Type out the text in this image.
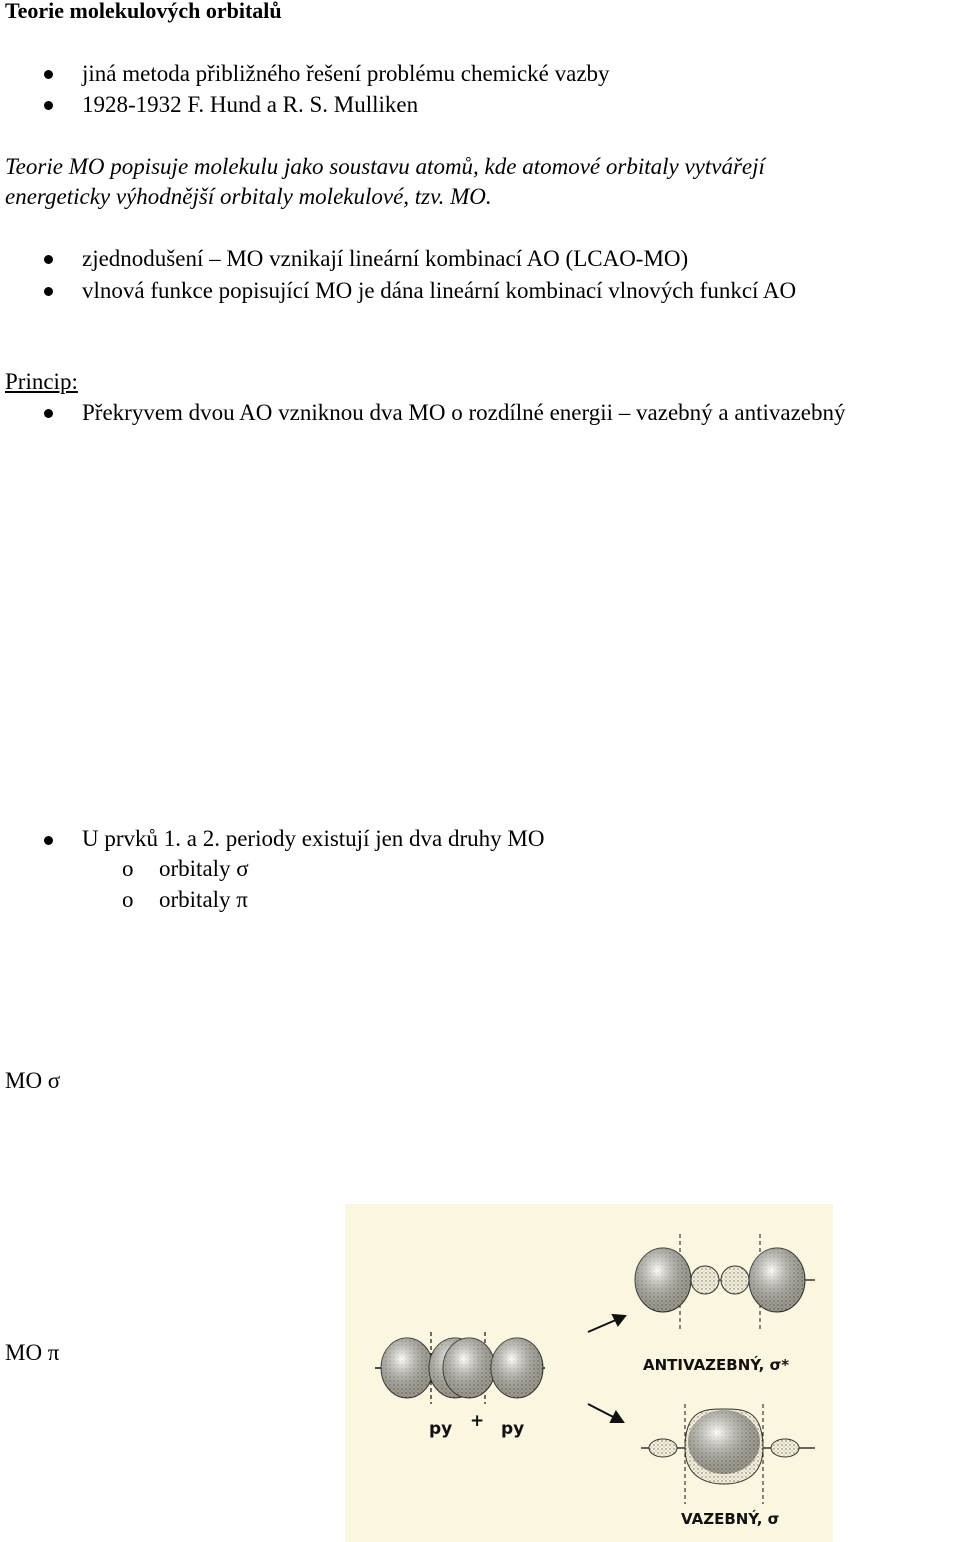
Teorie molekulových orbitalů
jiná metoda přibližného řešení problému chemické vazby
1928-1932 F. Hund a R. S. Mulliken
Teorie MO popisuje molekulu jako soustavu atomů, kde atomové orbitaly vytvářejí
energeticky výhodnější orbitaly molekulové, tzv. MO.
zjednodušení – MO vznikají lineární kombinací AO (LCAO-MO)
vlnová funkce popisující MO je dána lineární kombinací vlnových funkcí AO
Princip:
Překryvem dvou AO vzniknou dva MO o rozdílné energii – vazebný a antivazebný
U prvků 1. a 2. periody existují jen dva druhy MO
o orbitaly σ
o orbitaly π
MO σ
MO π
py + py
ANTIVAZEBNÝ, σ*
VAZEBNÝ, σ
